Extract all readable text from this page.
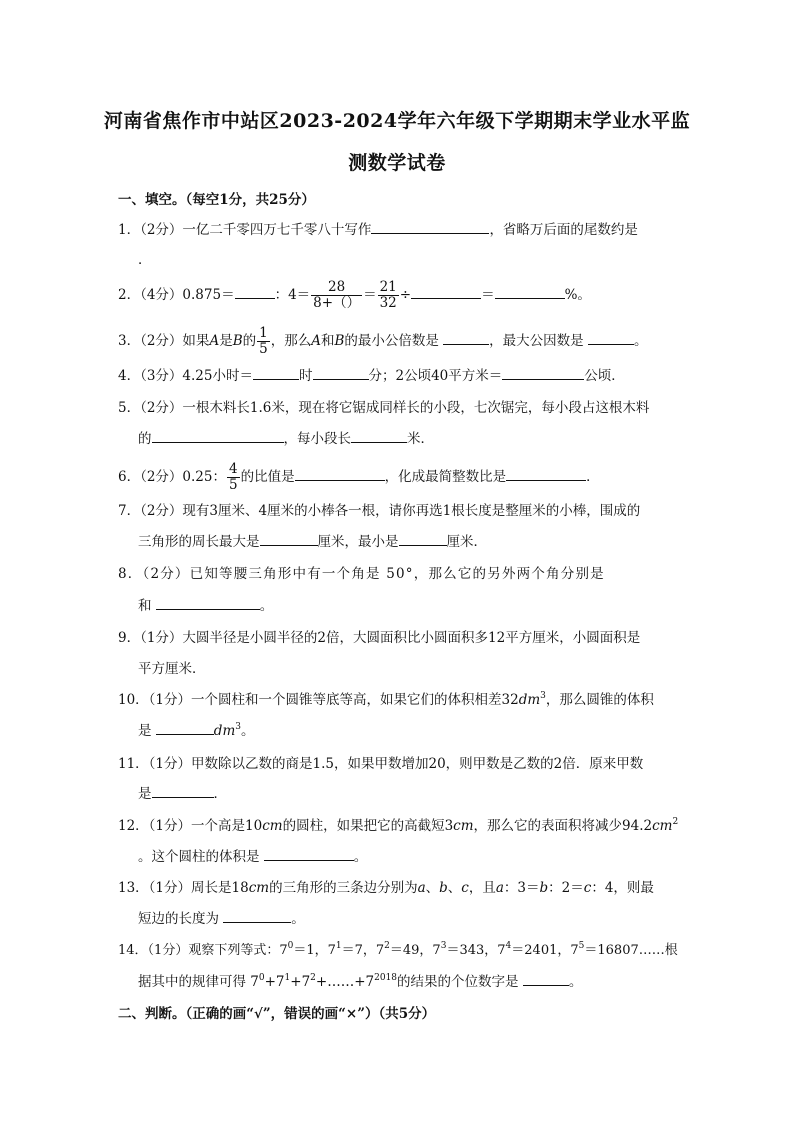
河南省焦作市中站区2023-2024学年六年级下学期期末学业水平监
测数学试卷
一、填空。（每空1分，共25分）
1．（2分）一亿二千零四万七千零八十写作	，省略万后面的尾数约是
．
2．（4分）0.875＝	：$4= \frac{28}{8+()} = \frac{21}{32}$ ÷	＝	%。
3．（2分）如果A是B的 $\frac{1}{5}$ ，那么A和B的最小公倍数是	，最大公因数是	。
4．（3分）4.25小时＝	时	分；2公顷40平方米＝	公顷．
5．（2分）一根木料长1.6米，现在将它锯成同样长的小段，七次锯完，每小段占这根木料
的	，每小段长	米．
6．（2分）0.25： $\frac{4}{5}$ 的比值是	，化成最简整数比是	．
7．（2分）现有3厘米、4厘米的小棒各一根，请你再选1根长度是整厘米的小棒，围成的
三角形的周长最大是	厘米，最小是	厘米．
8．（2分）已知等腰三角形中有一个角是 50°，那么它的另外两个角分别是
和	。
9．（1分）大圆半径是小圆半径的2倍，大圆面积比小圆面积多12平方厘米，小圆面积是
平方厘米．
10．（1分）一个圆柱和一个圆锥等底等高，如果它们的体积相差$32dm^3$，那么圆锥的体积
是	$dm^3$。
11．（1分）甲数除以乙数的商是1.5，如果甲数增加20，则甲数是乙数的2倍．原来甲数
是	．
12．（1分）一个高是10cm的圆柱，如果把它的高截短3cm，那么它的表面积将减少$94.2cm^2$
。这个圆柱的体积是	。
13．（1分）周长是18cm的三角形的三条边分别为a、b、c，且a：3＝b：2＝c：4，则最
短边的长度为	。
14．（1分）观察下列等式：$7^0=1$，$7^1=7$，$7^2=49$，$7^3=343$，$7^4=2401$，$7^5=16807\dots\dots$根
据其中的规律可得 $7^0+7^1+7^2+\dots\dots+7^{2018}$的结果的个位数字是	。
二、判断。（正确的画“√”，错误的画“×”）（共5分）
